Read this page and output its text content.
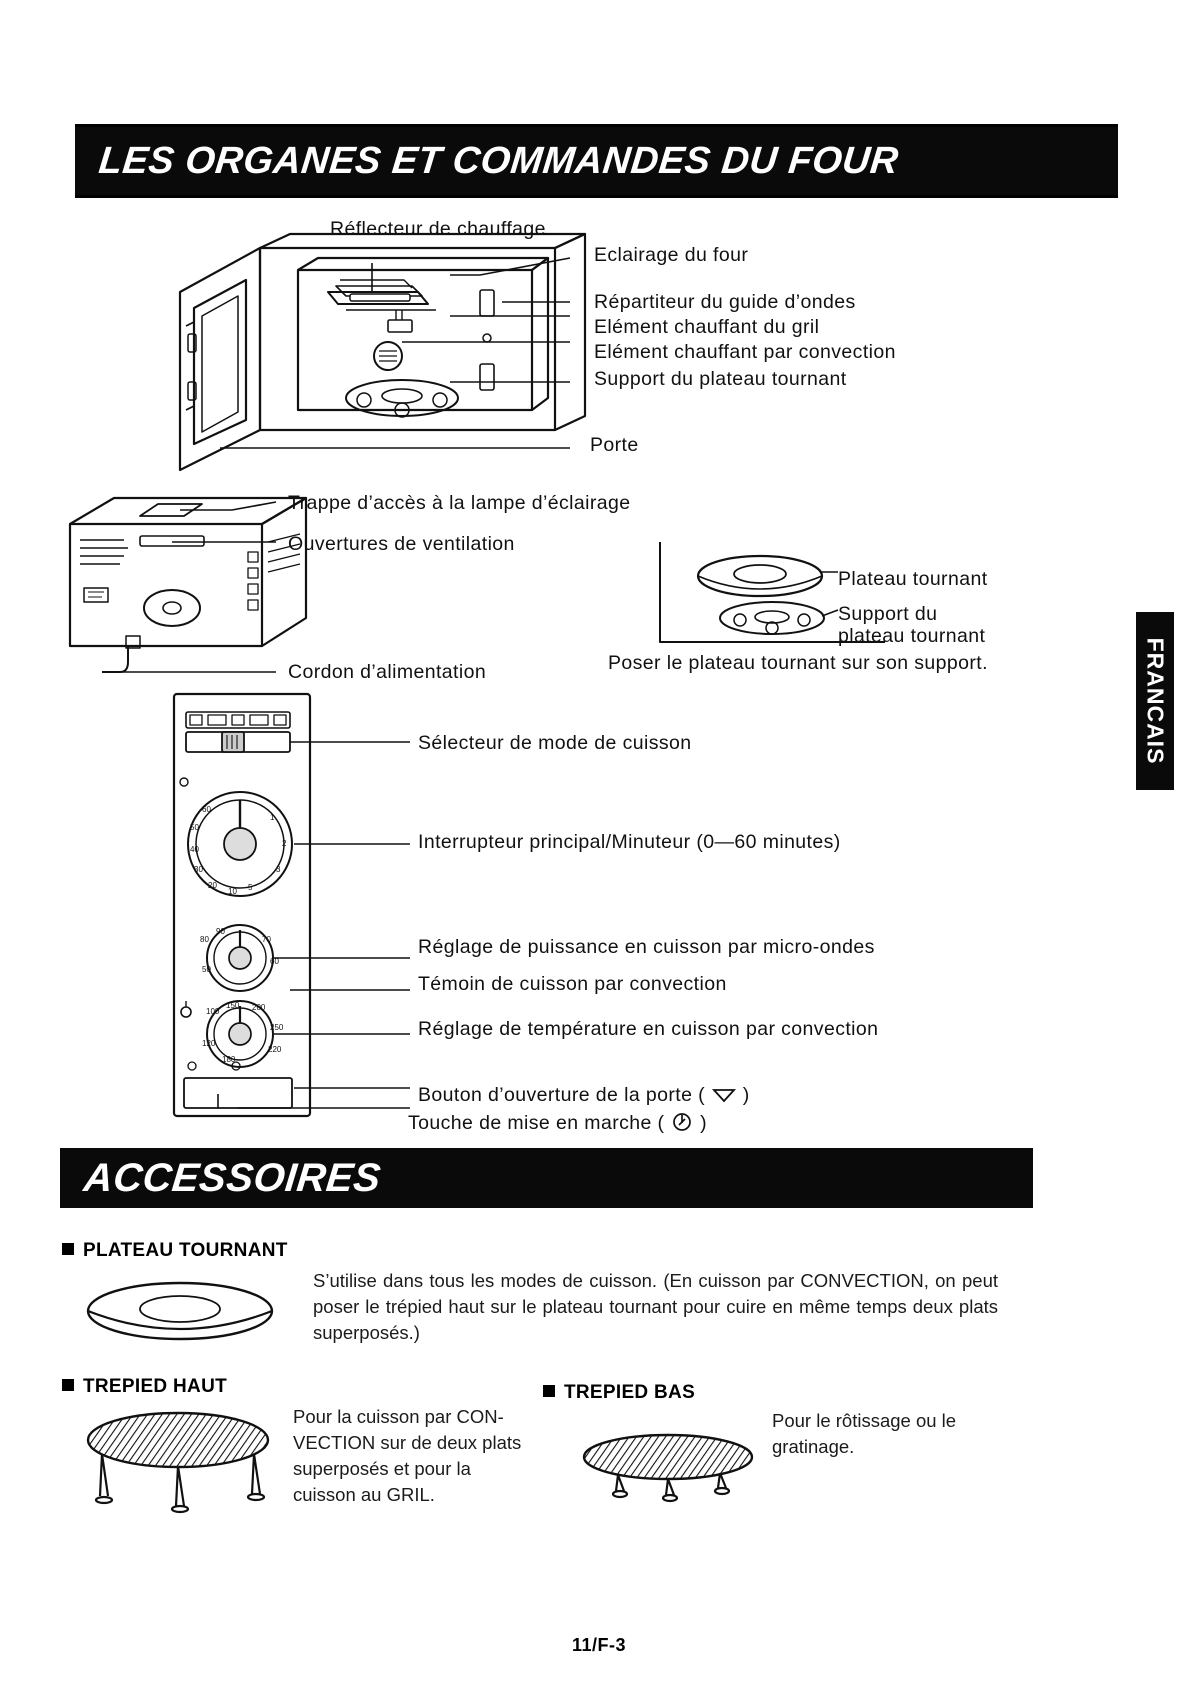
LES ORGANES ET COMMANDES DU FOUR
FRANCAIS
Réflecteur de chauffage
Eclairage du four
Répartiteur du guide d’ondes
Elément chauffant du gril
Elément chauffant par convection
Support du plateau tournant
Porte
Trappe d’accès à la lampe d’éclairage
Ouvertures de ventilation
Cordon d’alimentation
Plateau tournant
Support du
plateau tournant
Poser le plateau tournant sur son support.
60
50
40
30
20
10 5
1
2
3
90
80	70
60
50
100
150 200
250
220
120
180
Sélecteur de mode de cuisson
Interrupteur principal/Minuteur (0—60 minutes)
Réglage de puissance en cuisson par micro-ondes
Témoin de cuisson par convection
Réglage de température en cuisson par convection
Bouton d’ouverture de la porte ( )
Touche de mise en marche ( )
ACCESSOIRES
PLATEAU TOURNANT
S’utilise dans tous les modes de cuisson. (En cuisson par CONVECTION, on peut poser le trépied haut sur le plateau tournant pour cuire en même temps deux plats superposés.)
TREPIED HAUT
Pour la cuisson par CON-VECTION sur de deux plats superposés et pour la cuisson au GRIL.
TREPIED BAS
Pour le rôtissage ou le gratinage.
11/F-3
